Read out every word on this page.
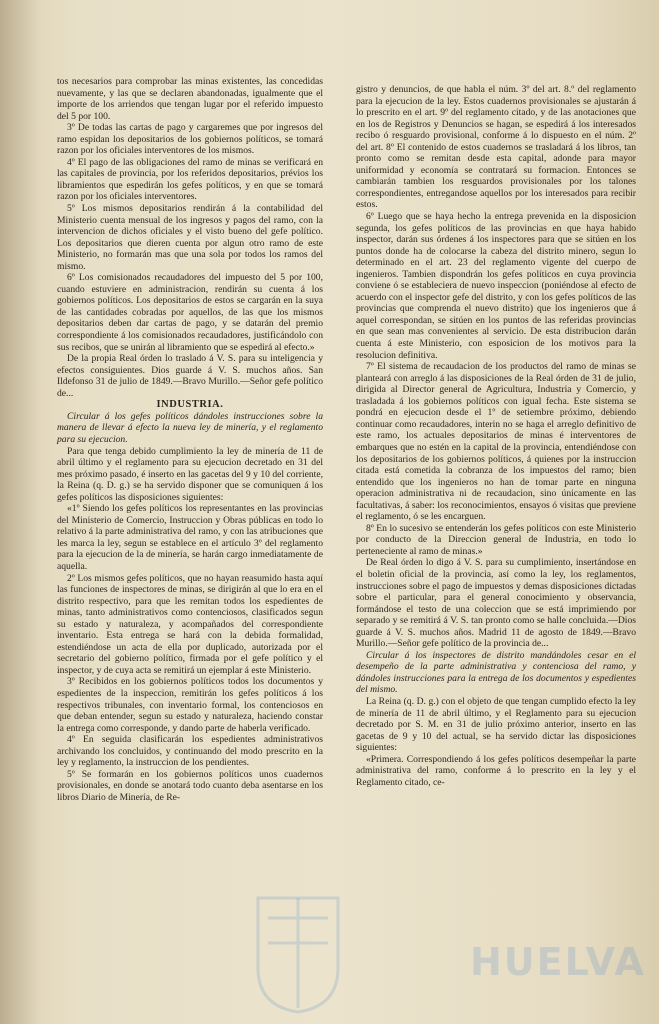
tos necesarios para comprobar las minas existentes, las concedidas nuevamente, y las que se declaren abandonadas, igualmente que el importe de los arriendos que tengan lugar por el referido impuesto del 5 por 100.

3º De todas las cartas de pago y cargaremes que por ingresos del ramo espidan los depositarios de los gobiernos políticos, se tomará razon por los oficiales interventores de los mismos.

4º El pago de las obligaciones del ramo de minas se verificará en las capitales de provincia, por los referidos depositarios, prévios los libramientos que espedirán los gefes políticos, y en que se tomará razon por los oficiales interventores.

5º Los mismos depositarios rendirán á la contabilidad del Ministerio cuenta mensual de los ingresos y pagos del ramo, con la intervencion de dichos oficiales y el visto bueno del gefe político. Los depositarios que dieren cuenta por algun otro ramo de este Ministerio, no formarán mas que una sola por todos los ramos del mismo.

6º Los comisionados recaudadores del impuesto del 5 por 100, cuando estuviere en administracion, rendirán su cuenta á los gobiernos políticos. Los depositarios de estos se cargarán en la suya de las cantidades cobradas por aquellos, de las que los mismos depositarios deben dar cartas de pago, y se datarán del premio correspondiente á los comisionados recaudadores, justificándolo con sus recibos, que se unirán al libramiento que se espedirá al efecto.»

De la propia Real órden lo traslado á V. S. para su inteligencia y efectos consiguientes. Dios guarde á V. S. muchos años. San Ildefonso 31 de julio de 1849.—Bravo Murillo.—Señor gefe político de...

INDUSTRIA.

Circular á los gefes políticos dándoles instrucciones sobre la manera de llevar á efecto la nueva ley de minería, y el reglamento para su ejecucion.

Para que tenga debido cumplimiento la ley de minería de 11 de abril último y el reglamento para su ejecucion decretado en 31 del mes próximo pasado, é inserto en las gacetas del 9 y 10 del corriente, la Reina (q. D. g.) se ha servido disponer que se comuniquen á los gefes políticos las disposiciones siguientes:

«1º Siendo los gefes políticos los representantes en las provincias del Ministerio de Comercio, Instruccion y Obras públicas en todo lo relativo á la parte administrativa del ramo, y con las atribuciones que les marca la ley, segun se establece en el artículo 3º del reglamento para la ejecucion de la de minería, se harán cargo inmediatamente de aquella.

2º Los mismos gefes políticos, que no hayan reasumido hasta aquí las funciones de inspectores de minas, se dirigirán al que lo era en el distrito respectivo, para que les remitan todos los espedientes de minas, tanto administrativos como contenciosos, clasificados segun su estado y naturaleza, y acompañados del correspondiente inventario. Esta entrega se hará con la debida formalidad, estendiéndose un acta de ella por duplicado, autorizada por el secretario del gobierno político, firmada por el gefe político y el inspector, y de cuya acta se remitirá un ejemplar á este Ministerio.

3º Recibidos en los gobiernos políticos todos los documentos y espedientes de la inspeccion, remitirán los gefes políticos á los respectivos tribunales, con inventario formal, los contenciosos en que deban entender, segun su estado y naturaleza, haciendo constar la entrega como corresponde, y dando parte de haberla verificado.

4º En seguida clasificarán los espedientes administrativos archivando los concluidos, y continuando del modo prescrito en la ley y reglamento, la instruccion de los pendientes.

5º Se formarán en los gobiernos políticos unos cuadernos provisionales, en donde se anotará todo cuanto deba asentarse en los libros Diario de Minería, de Re-

gistro y denuncios, de que habla el núm. 3º del art. 8.º del reglamento para la ejecucion de la ley. Estos cuadernos provisionales se ajustarán á lo prescrito en el art. 9º del reglamento citado, y de las anotaciones que en los de Registros y Denuncios se hagan, se espedirá á los interesados recibo ó resguardo provisional, conforme á lo dispuesto en el núm. 2º del art. 8º El contenido de estos cuadernos se trasladará á los libros, tan pronto como se remitan desde esta capital, adonde para mayor uniformidad y economía se contratará su formacion. Entonces se cambiarán tambien los resguardos provisionales por los talones correspondientes, entregandose aquellos por los interesados para recibir estos.

6º Luego que se haya hecho la entrega prevenida en la disposicion segunda, los gefes políticos de las provincias en que haya habido inspector, darán sus órdenes á los inspectores para que se sitúen en los puntos donde ha de colocarse la cabeza del distrito minero, segun lo determinado en el art. 23 del reglamento vigente del cuerpo de ingenieros. Tambien dispondrán los gefes políticos en cuya provincia conviene ó se estableciera de nuevo inspeccion (poniéndose al efecto de acuerdo con el inspector gefe del distrito, y con los gefes políticos de las provincias que comprenda el nuevo distrito) que los ingenieros que á aquel correspondan, se sitúen en los puntos de las referidas provincias en que sean mas convenientes al servicio. De esta distribucion darán cuenta á este Ministerio, con esposicion de los motivos para la resolucion definitiva.

7º El sistema de recaudacion de los productos del ramo de minas se planteará con arreglo á las disposiciones de la Real órden de 31 de julio, dirigida al Director general de Agricultura, Industria y Comercio, y trasladada á los gobiernos políticos con igual fecha. Este sistema se pondrá en ejecucion desde el 1º de setiembre próximo, debiendo continuar como recaudadores, interin no se haga el arreglo definitivo de este ramo, los actuales depositarios de minas é interventores de embarques que no estén en la capital de la provincia, entendiéndose con los depositarios de los gobiernos políticos, á quienes por la instruccion citada está cometida la cobranza de los impuestos del ramo; bien entendido que los ingenieros no han de tomar parte en ninguna operacion administrativa ni de recaudacion, sino únicamente en las facultativas, á saber: los reconocimientos, ensayos ó visitas que previene el reglamento, ó se les encarguen.

8º En lo sucesivo se entenderán los gefes políticos con este Ministerio por conducto de la Direccion general de Industria, en todo lo perteneciente al ramo de minas.»

De Real órden lo digo á V. S. para su cumplimiento, insertándose en el boletin oficial de la provincia, así como la ley, los reglamentos, instrucciones sobre el pago de impuestos y demas disposiciones dictadas sobre el particular, para el general conocimiento y observancia, formándose el testo de una coleccion que se está imprimiendo por separado y se remitirá á V. S. tan pronto como se halle concluida.—Dios guarde á V. S. muchos años. Madrid 11 de agosto de 1849.—Bravo Murillo.—Señor gefe político de la provincia de...

Circular á los inspectores de distrito mandándoles cesar en el desempeño de la parte administrativa y contenciosa del ramo, y dándoles instrucciones para la entrega de los documentos y espedientes del mismo.

La Reina (q. D. g.) con el objeto de que tengan cumplido efecto la ley de minería de 11 de abril último, y el Reglamento para su ejecucion decretado por S. M. en 31 de julio próximo anterior, inserto en las gacetas de 9 y 10 del actual, se ha servido dictar las disposiciones siguientes:

«Primera. Correspondiendo á los gefes políticos desempeñar la parte administrativa del ramo, conforme á lo prescrito en la ley y el Reglamento citado, ce-

HUELVA
